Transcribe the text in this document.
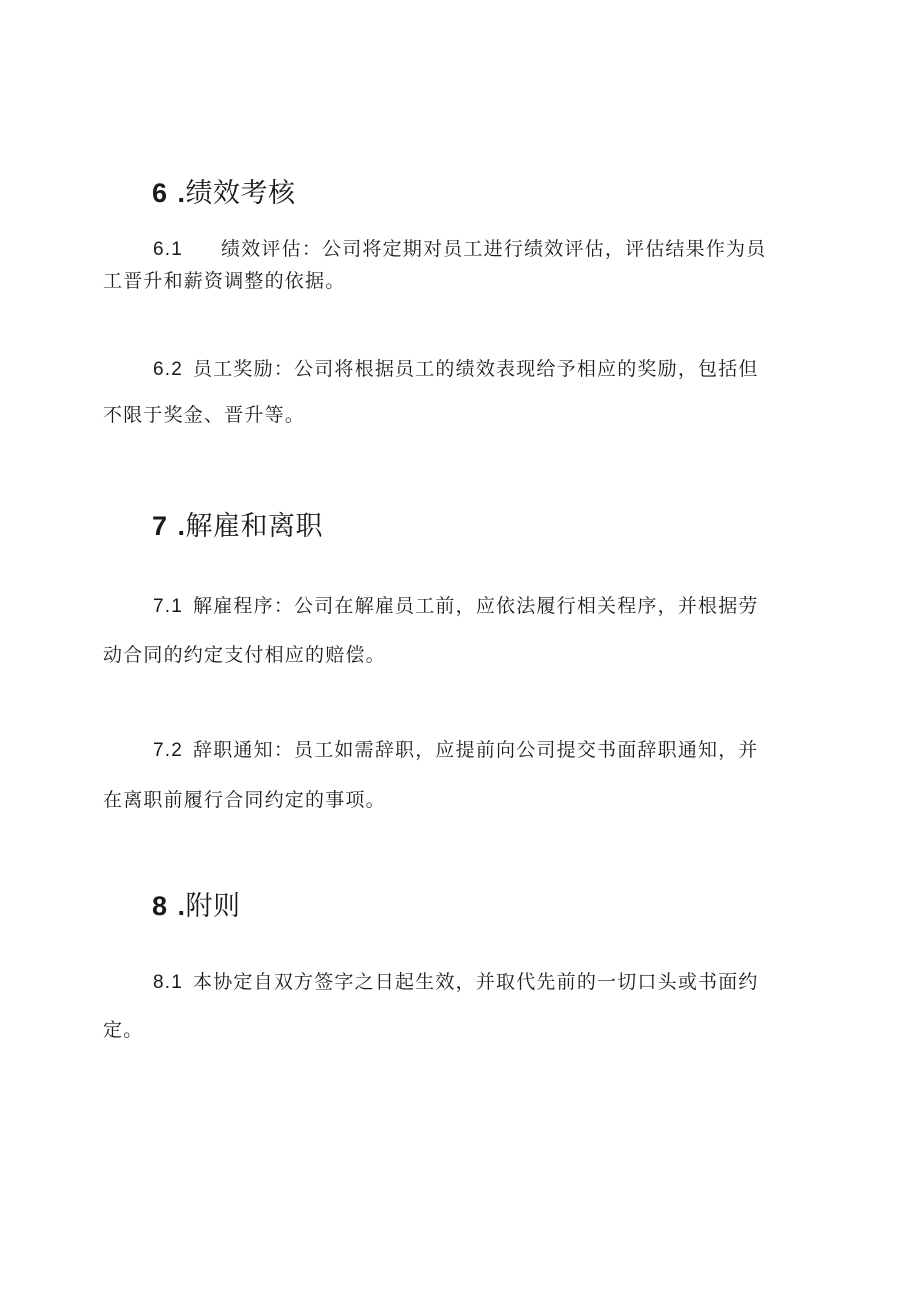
6 .绩效考核
6.1 绩效评估：公司将定期对员工进行绩效评估，评估结果作为员
工晋升和薪资调整的依据。
6.2 员工奖励：公司将根据员工的绩效表现给予相应的奖励，包括但
不限于奖金、晋升等。
7 .解雇和离职
7.1 解雇程序：公司在解雇员工前，应依法履行相关程序，并根据劳
动合同的约定支付相应的赔偿。
7.2 辞职通知：员工如需辞职，应提前向公司提交书面辞职通知，并
在离职前履行合同约定的事项。
8 .附则
8.1 本协定自双方签字之日起生效，并取代先前的一切口头或书面约
定。
